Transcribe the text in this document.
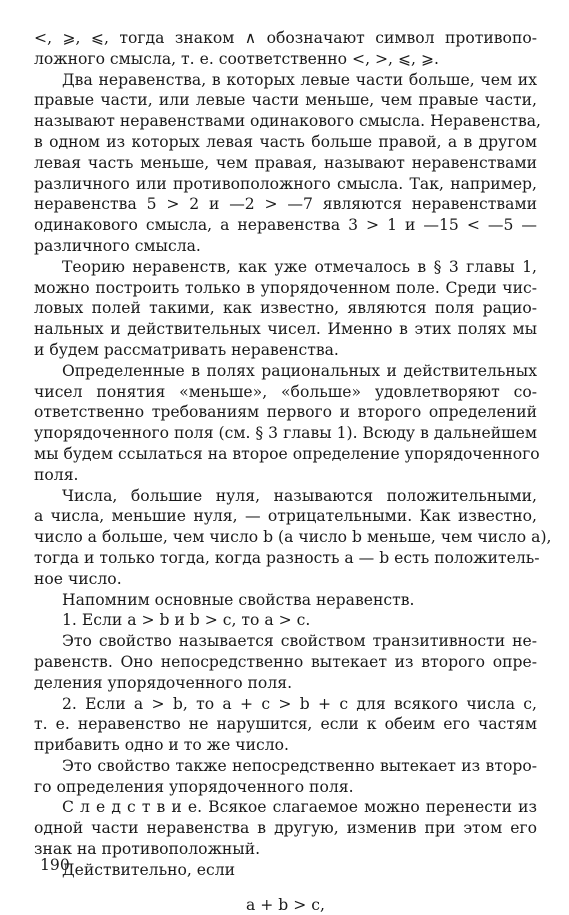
<, ⩾, ⩽, тогда знаком ∧ обозначают символ противопо-
ложного смысла, т. е. соответственно <, >, ⩽, ⩾.
Два неравенства, в которых левые части больше, чем их
правые части, или левые части меньше, чем правые части,
называют неравенствами одинакового смысла. Неравенства,
в одном из которых левая часть больше правой, а в другом
левая часть меньше, чем правая, называют неравенствами
различного или противоположного смысла. Так, например,
неравенства 5 > 2 и —2 > —7 являются неравенствами
одинакового смысла, а неравенства 3 > 1 и —15 < —5 —
различного смысла.
Теорию неравенств, как уже отмечалось в § 3 главы 1,
можно построить только в упорядоченном поле. Среди чис-
ловых полей такими, как известно, являются поля рацио-
нальных и действительных чисел. Именно в этих полях мы
и будем рассматривать неравенства.
Определенные в полях рациональных и действительных
чисел понятия «меньше», «больше» удовлетворяют со-
ответственно требованиям первого и второго определений
упорядоченного поля (см. § 3 главы 1). Всюду в дальнейшем
мы будем ссылаться на второе определение упорядоченного
поля.
Числа, большие нуля, называются положительными,
а числа, меньшие нуля, — отрицательными. Как известно,
число a больше, чем число b (а число b меньше, чем число a),
тогда и только тогда, когда разность a — b есть положитель-
ное число.
Напомним основные свойства неравенств.
1. Если a > b и b > c, то a > c.
Это свойство называется свойством транзитивности не-
равенств. Оно непосредственно вытекает из второго опре-
деления упорядоченного поля.
2. Если a > b, то a + c > b + c для всякого числа c,
т. е. неравенство не нарушится, если к обеим его частям
прибавить одно и то же число.
Это свойство также непосредственно вытекает из второ-
го определения упорядоченного поля.
С л е д с т в и е. Всякое слагаемое можно перенести из
одной части неравенства в другую, изменив при этом его
знак на противоположный.
Действительно, если
a + b > c,
190
